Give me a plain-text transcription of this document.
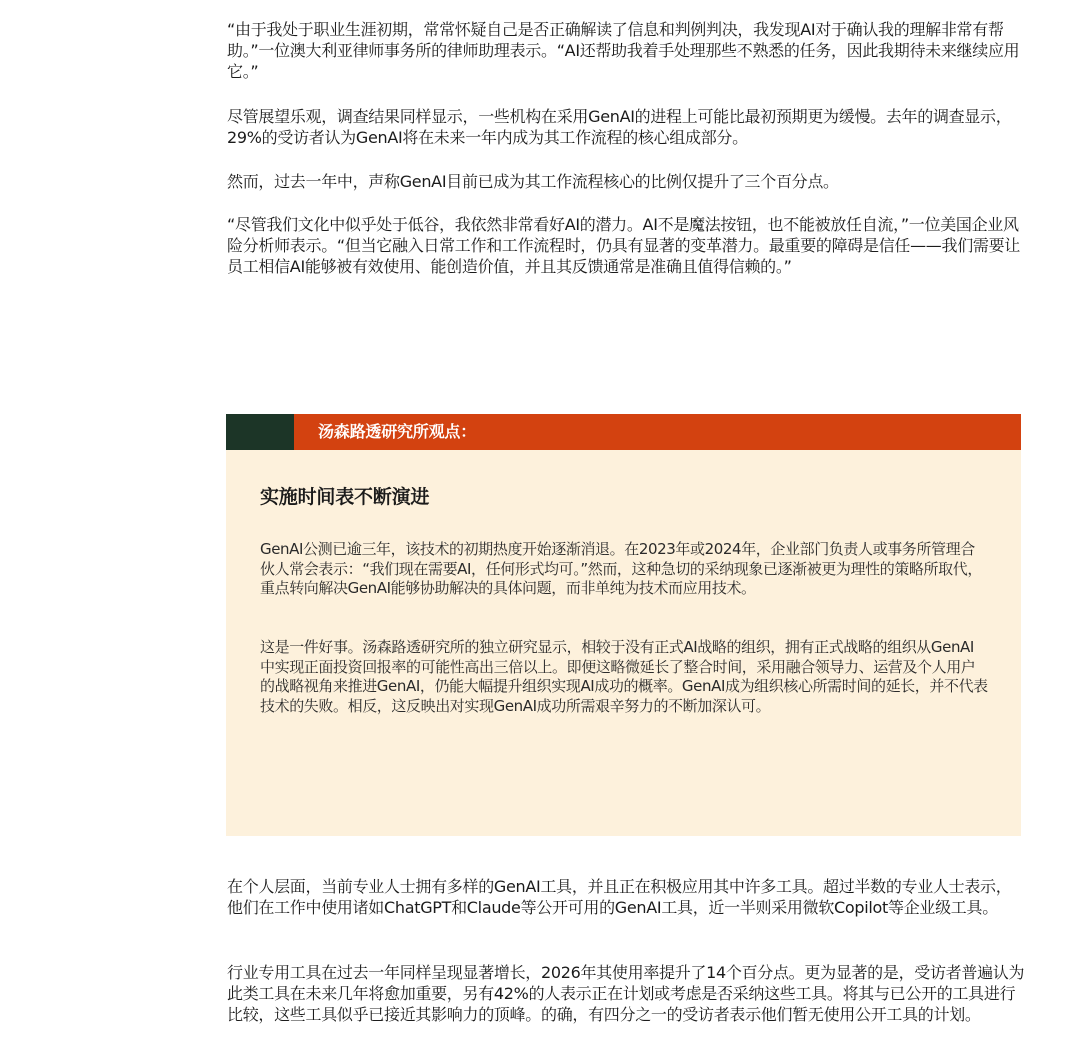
“由于我处于职业生涯初期，常常怀疑自己是否正确解读了信息和判例判决，我发现AI对于确认我的理解非常有帮助。”一位澳大利亚律师事务所的律师助理表示。“AI还帮助我着手处理那些不熟悉的任务，因此我期待未来继续应用它。”

尽管展望乐观，调查结果同样显示，一些机构在采用GenAI的进程上可能比最初预期更为缓慢。去年的调查显示，29%的受访者认为GenAI将在未来一年内成为其工作流程的核心组成部分。

然而，过去一年中，声称GenAI目前已成为其工作流程核心的比例仅提升了三个百分点。

“尽管我们文化中似乎处于低谷，我依然非常看好AI的潜力。AI不是魔法按钮，也不能被放任自流，”一位美国企业风险分析师表示。“但当它融入日常工作和工作流程时，仍具有显著的变革潜力。最重要的障碍是信任——我们需要让员工相信AI能够被有效使用、能创造价值，并且其反馈通常是准确且值得信赖的。”

汤森路透研究所观点：
实施时间表不断演进

GenAI公测已逾三年，该技术的初期热度开始逐渐消退。在2023年或2024年，企业部门负责人或事务所管理合伙人常会表示：“我们现在需要AI，任何形式均可。”然而，这种急切的采纳现象已逐渐被更为理性的策略所取代，重点转向解决GenAI能够协助解决的具体问题，而非单纯为技术而应用技术。

这是一件好事。汤森路透研究所的独立研究显示，相较于没有正式AI战略的组织，拥有正式战略的组织从GenAI中实现正面投资回报率的可能性高出三倍以上。即便这略微延长了整合时间，采用融合领导力、运营及个人用户的战略视角来推进GenAI，仍能大幅提升组织实现AI成功的概率。GenAI成为组织核心所需时间的延长，并不代表技术的失败。相反，这反映出对实现GenAI成功所需艰辛努力的不断加深认可。

在个人层面，当前专业人士拥有多样的GenAI工具，并且正在积极应用其中许多工具。超过半数的专业人士表示，他们在工作中使用诸如ChatGPT和Claude等公开可用的GenAI工具，近一半则采用微软Copilot等企业级工具。

行业专用工具在过去一年同样呈现显著增长，2026年其使用率提升了14个百分点。更为显著的是，受访者普遍认为此类工具在未来几年将愈加重要，另有42%的人表示正在计划或考虑是否采纳这些工具。将其与已公开的工具进行比较，这些工具似乎已接近其影响力的顶峰。的确，有四分之一的受访者表示他们暂无使用公开工具的计划。
